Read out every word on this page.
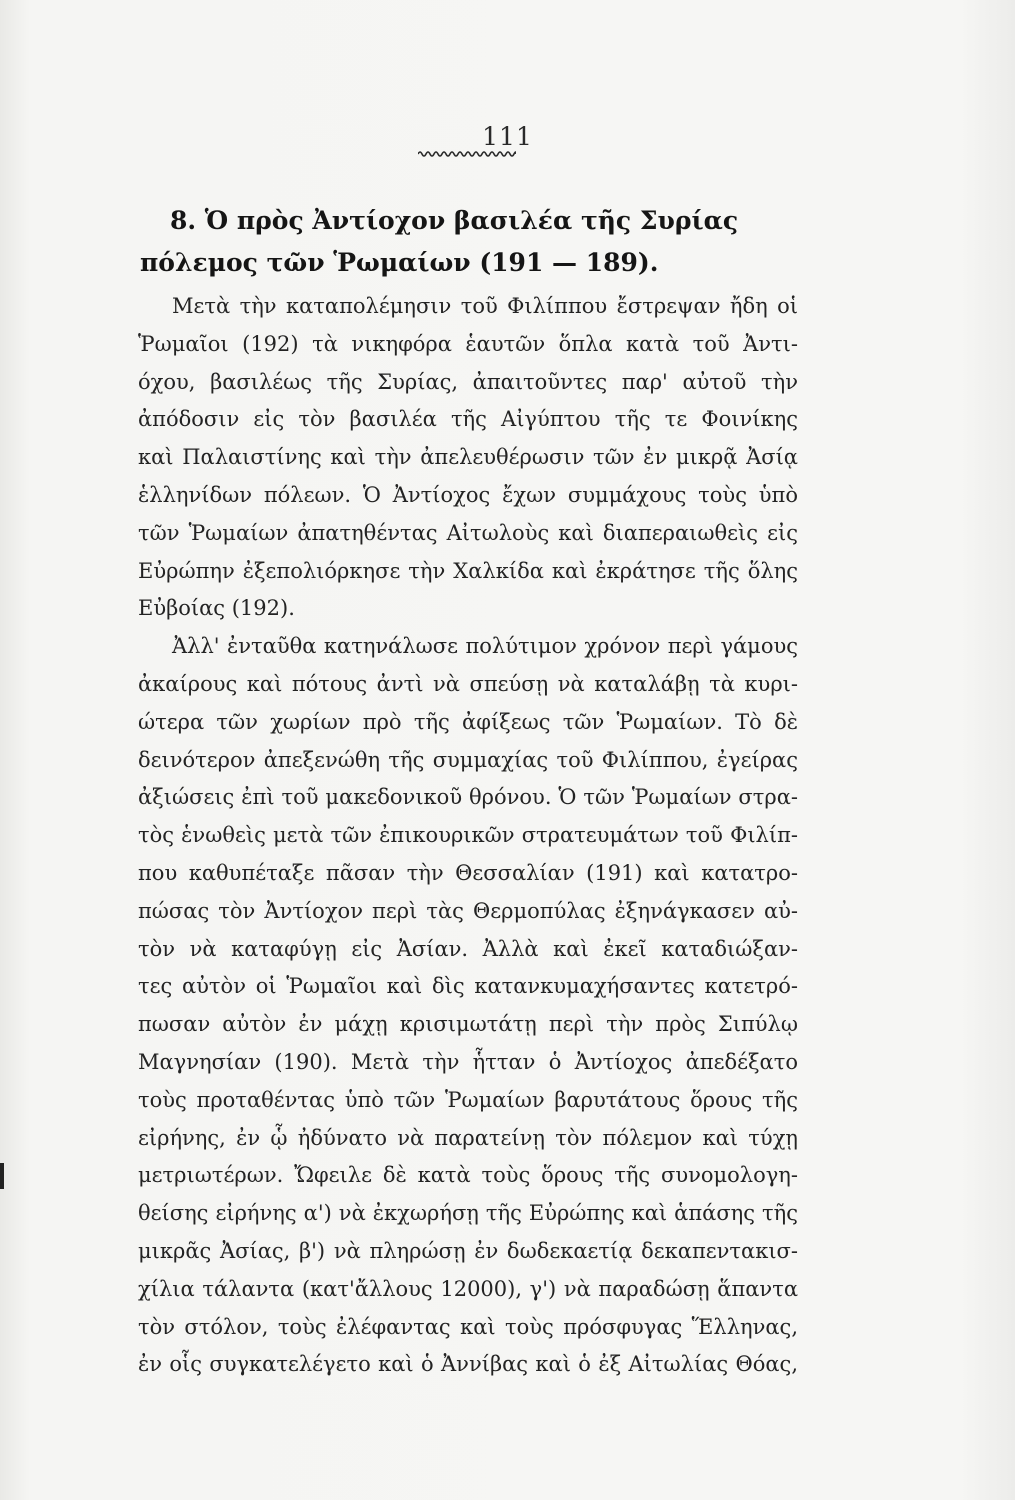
111
8. Ὁ πρὸς Ἀντίοχον βασιλέα τῆς Συρίας
πόλεμος τῶν Ῥωμαίων (191 — 189).
Μετὰ τὴν καταπολέμησιν τοῦ Φιλίππου ἔστρεψαν ἤδη οἱ
Ῥωμαῖοι (192) τὰ νικηφόρα ἑαυτῶν ὅπλα κατὰ τοῦ Ἀντι-
όχου, βασιλέως τῆς Συρίας, ἀπαιτοῦντες παρ' αὐτοῦ τὴν
ἀπόδοσιν εἰς τὸν βασιλέα τῆς Αἰγύπτου τῆς τε Φοινίκης
καὶ Παλαιστίνης καὶ τὴν ἀπελευθέρωσιν τῶν ἐν μικρᾷ Ἀσίᾳ
ἑλληνίδων πόλεων. Ὁ Ἀντίοχος ἔχων συμμάχους τοὺς ὑπὸ
τῶν Ῥωμαίων ἀπατηθέντας Αἰτωλοὺς καὶ διαπεραιωθεὶς εἰς
Εὐρώπην ἐξεπολιόρκησε τὴν Χαλκίδα καὶ ἐκράτησε τῆς ὅλης
Εὐβοίας (192).
Ἀλλ' ἐνταῦθα κατηνάλωσε πολύτιμον χρόνον περὶ γάμους
ἀκαίρους καὶ πότους ἀντὶ νὰ σπεύσῃ νὰ καταλάβῃ τὰ κυρι-
ώτερα τῶν χωρίων πρὸ τῆς ἀφίξεως τῶν Ῥωμαίων. Τὸ δὲ
δεινότερον ἀπεξενώθη τῆς συμμαχίας τοῦ Φιλίππου, ἐγείρας
ἀξιώσεις ἐπὶ τοῦ μακεδονικοῦ θρόνου. Ὁ τῶν Ῥωμαίων στρα-
τὸς ἑνωθεὶς μετὰ τῶν ἐπικουρικῶν στρατευμάτων τοῦ Φιλίπ-
που καθυπέταξε πᾶσαν τὴν Θεσσαλίαν (191) καὶ κατατρο-
πώσας τὸν Ἀντίοχον περὶ τὰς Θερμοπύλας ἐξηνάγκασεν αὐ-
τὸν νὰ καταφύγῃ εἰς Ἀσίαν. Ἀλλὰ καὶ ἐκεῖ καταδιώξαν-
τες αὐτὸν οἱ Ῥωμαῖοι καὶ δὶς κατανκυμαχήσαντες κατετρό-
πωσαν αὐτὸν ἐν μάχῃ κρισιμωτάτῃ περὶ τὴν πρὸς Σιπύλῳ
Μαγνησίαν (190). Μετὰ τὴν ἧτταν ὁ Ἀντίοχος ἀπεδέξατο
τοὺς προταθέντας ὑπὸ τῶν Ῥωμαίων βαρυτάτους ὅρους τῆς
εἰρήνης, ἐν ᾧ ἠδύνατο νὰ παρατείνῃ τὸν πόλεμον καὶ τύχῃ
μετριωτέρων. Ὤφειλε δὲ κατὰ τοὺς ὅρους τῆς συνομολογη-
θείσης εἰρήνης α') νὰ ἐκχωρήσῃ τῆς Εὐρώπης καὶ ἁπάσης τῆς
μικρᾶς Ἀσίας, β') νὰ πληρώσῃ ἐν δωδεκαετίᾳ δεκαπεντακισ-
χίλια τάλαντα (κατ'ἄλλους 12000), γ') νὰ παραδώσῃ ἅπαντα
τὸν στόλον, τοὺς ἐλέφαντας καὶ τοὺς πρόσφυγας Ἕλληνας,
ἐν οἷς συγκατελέγετο καὶ ὁ Ἀννίβας καὶ ὁ ἐξ Αἰτωλίας Θόας,
